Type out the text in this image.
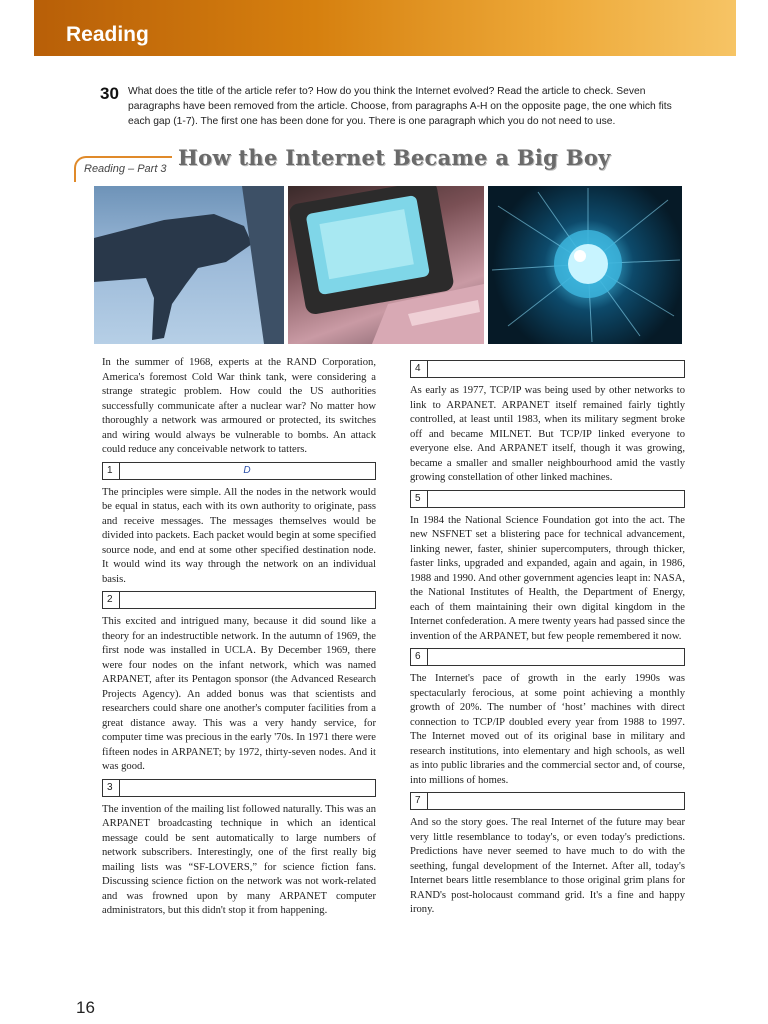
Reading
30 What does the title of the article refer to? How do you think the Internet evolved? Read the article to check. Seven paragraphs have been removed from the article. Choose, from paragraphs A-H on the opposite page, the one which fits each gap (1-7). The first one has been done for you. There is one paragraph which you do not need to use.
Reading – Part 3 How the Internet Became a Big Boy

In the summer of 1968, experts at the RAND Corporation, America's foremost Cold War think tank, were considering a strange strategic problem. How could the US authorities successfully communicate after a nuclear war? No matter how thoroughly a network was armoured or protected, its switches and wiring would always be vulnerable to bombs. An attack could reduce any conceivable network to tatters.

1	D

The principles were simple. All the nodes in the network would be equal in status, each with its own authority to originate, pass and receive messages. The messages themselves would be divided into packets. Each packet would begin at some specified source node, and end at some other specified destination node. It would wind its way through the network on an individual basis.

2

This excited and intrigued many, because it did sound like a theory for an indestructible network. In the autumn of 1969, the first node was installed in UCLA. By December 1969, there were four nodes on the infant network, which was named ARPANET, after its Pentagon sponsor (the Advanced Research Projects Agency). An added bonus was that scientists and researchers could share one another's computer facilities from a great distance away. This was a very handy service, for computer time was precious in the early '70s. In 1971 there were fifteen nodes in ARPANET; by 1972, thirty-seven nodes. And it was good.

3

The invention of the mailing list followed naturally. This was an ARPANET broadcasting technique in which an identical message could be sent automatically to large numbers of network subscribers. Interestingly, one of the first really big mailing lists was “SF-LOVERS,” for science fiction fans. Discussing science fiction on the network was not work-related and was frowned upon by many ARPANET computer administrators, but this didn't stop it from happening.

4

As early as 1977, TCP/IP was being used by other networks to link to ARPANET. ARPANET itself remained fairly tightly controlled, at least until 1983, when its military segment broke off and became MILNET. But TCP/IP linked everyone to everyone else. And ARPANET itself, though it was growing, became a smaller and smaller neighbourhood amid the vastly growing constellation of other linked machines.

5

In 1984 the National Science Foundation got into the act. The new NSFNET set a blistering pace for technical advancement, linking newer, faster, shinier supercomputers, through thicker, faster links, upgraded and expanded, again and again, in 1986, 1988 and 1990. And other government agencies leapt in: NASA, the National Institutes of Health, the Department of Energy, each of them maintaining their own digital kingdom in the Internet confederation. A mere twenty years had passed since the invention of the ARPANET, but few people remembered it now.

6

The Internet's pace of growth in the early 1990s was spectacularly ferocious, at some point achieving a monthly growth of 20%. The number of ‘host’ machines with direct connection to TCP/IP doubled every year from 1988 to 1997. The Internet moved out of its original base in military and research institutions, into elementary and high schools, as well as into public libraries and the commercial sector and, of course, into millions of homes.

7

And so the story goes. The real Internet of the future may bear very little resemblance to today's, or even today's predictions. Predictions have never seemed to have much to do with the seething, fungal development of the Internet. After all, today's Internet bears little resemblance to those original grim plans for RAND's post-holocaust command grid. It's a fine and happy irony.

16
